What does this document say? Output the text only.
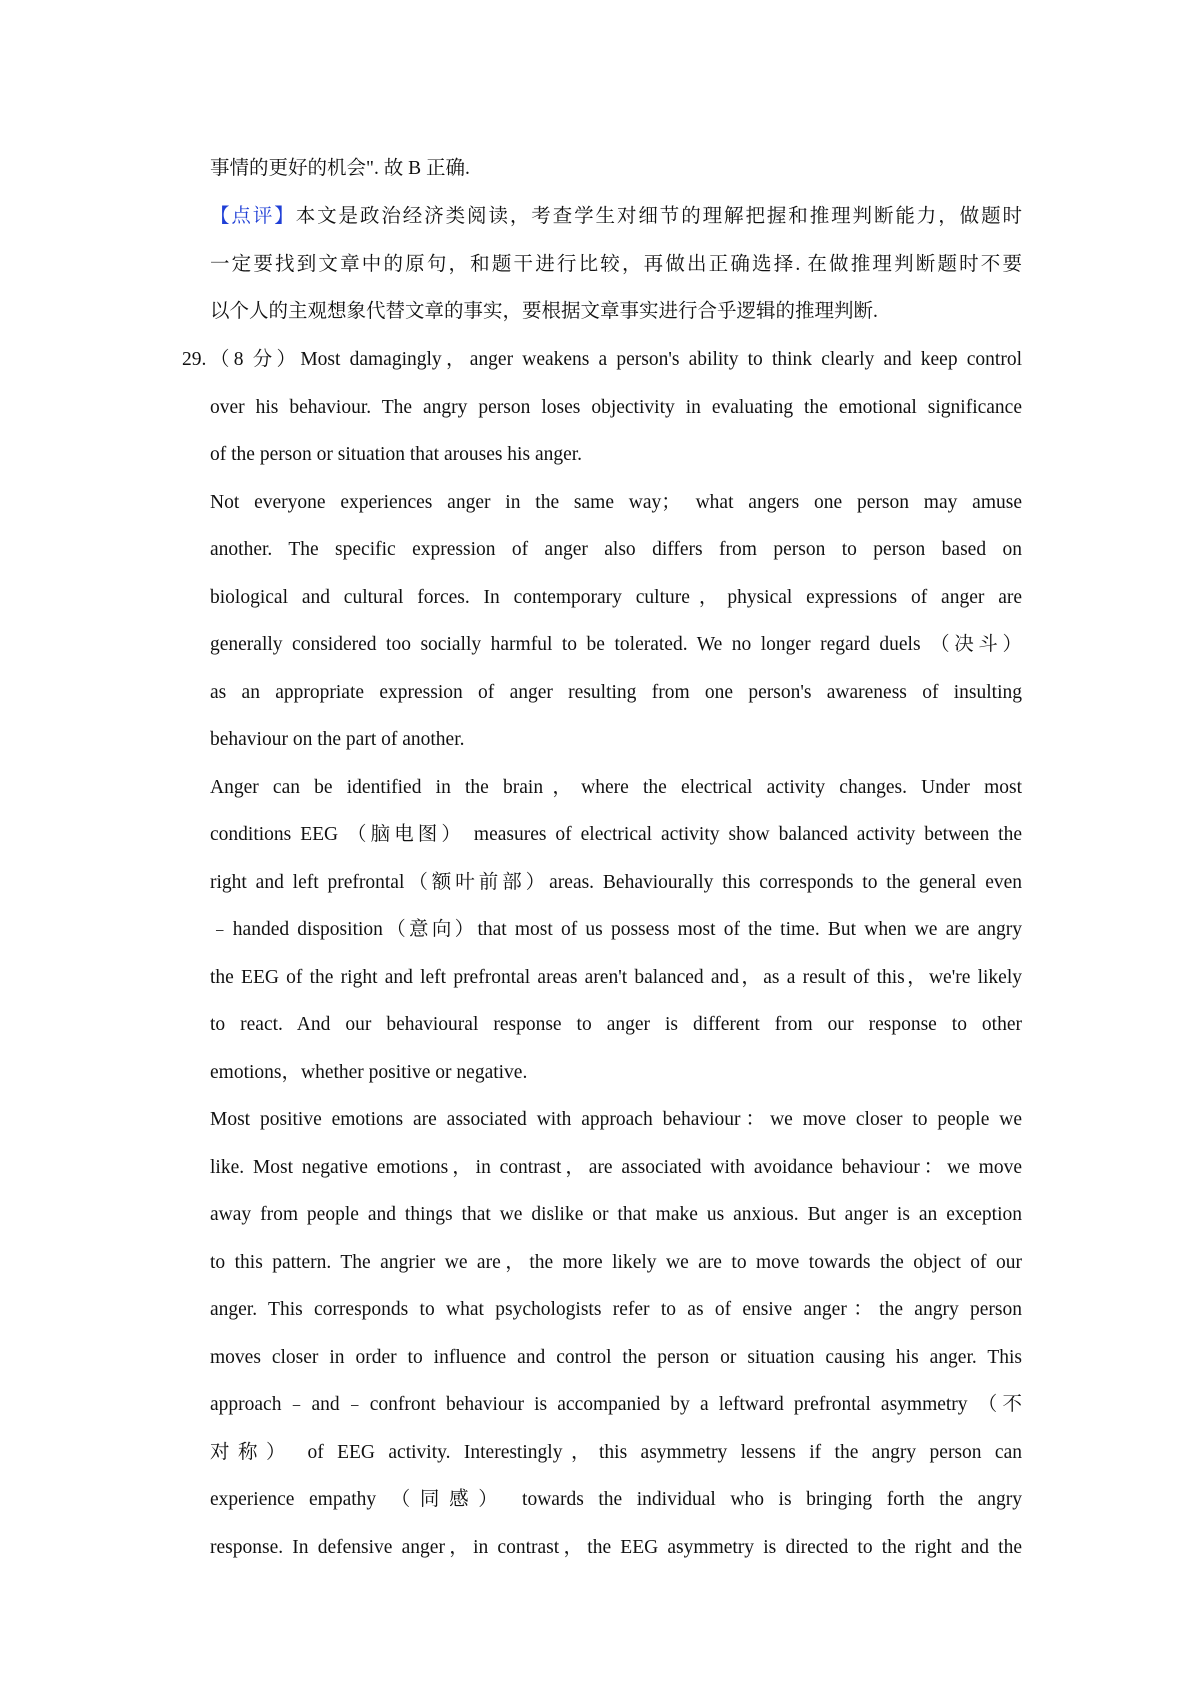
事情的更好的机会". 故 B 正确.
【点评】本文是政治经济类阅读，考查学生对细节的理解把握和推理判断能力，做题时
一定要找到文章中的原句，和题干进行比较，再做出正确选择. 在做推理判断题时不要
以个人的主观想象代替文章的事实，要根据文章事实进行合乎逻辑的推理判断.
29. （8 分）Most damagingly，anger weakens a person's ability to think clearly and keep control
over his behaviour. The angry person loses objectivity in evaluating the emotional significance
of the person or situation that arouses his anger.
Not everyone experiences anger in the same way； what angers one person may amuse
another. The specific expression of anger also differs from person to person based on
biological and cultural forces. In contemporary culture，physical expressions of anger are
generally considered too socially harmful to be tolerated. We no longer regard duels （决斗）
as an appropriate expression of anger resulting from one person's awareness of insulting
behaviour on the part of another.
Anger can be identified in the brain，where the electrical activity changes. Under most
conditions EEG （脑电图） measures of electrical activity show balanced activity between the
right and left prefrontal（额叶前部）areas. Behaviourally this corresponds to the general even
﹣handed disposition（意向）that most of us possess most of the time. But when we are angry
the EEG of the right and left prefrontal areas aren't balanced and，as a result of this，we're likely
to react. And our behavioural response to anger is different from our response to other
emotions，whether positive or negative.
Most positive emotions are associated with approach behaviour：we move closer to people we
like. Most negative emotions，in contrast，are associated with avoidance behaviour：we move
away from people and things that we dislike or that make us anxious. But anger is an exception
to this pattern. The angrier we are，the more likely we are to move towards the object of our
anger. This corresponds to what psychologists refer to as of ensive anger：the angry person
moves closer in order to influence and control the person or situation causing his anger. This
approach﹣and﹣confront behaviour is accompanied by a leftward prefrontal asymmetry （不
对称） of EEG activity. Interestingly，this asymmetry lessens if the angry person can
experience empathy （同感） towards the individual who is bringing forth the angry
response. In defensive anger，in contrast，the EEG asymmetry is directed to the right and the
